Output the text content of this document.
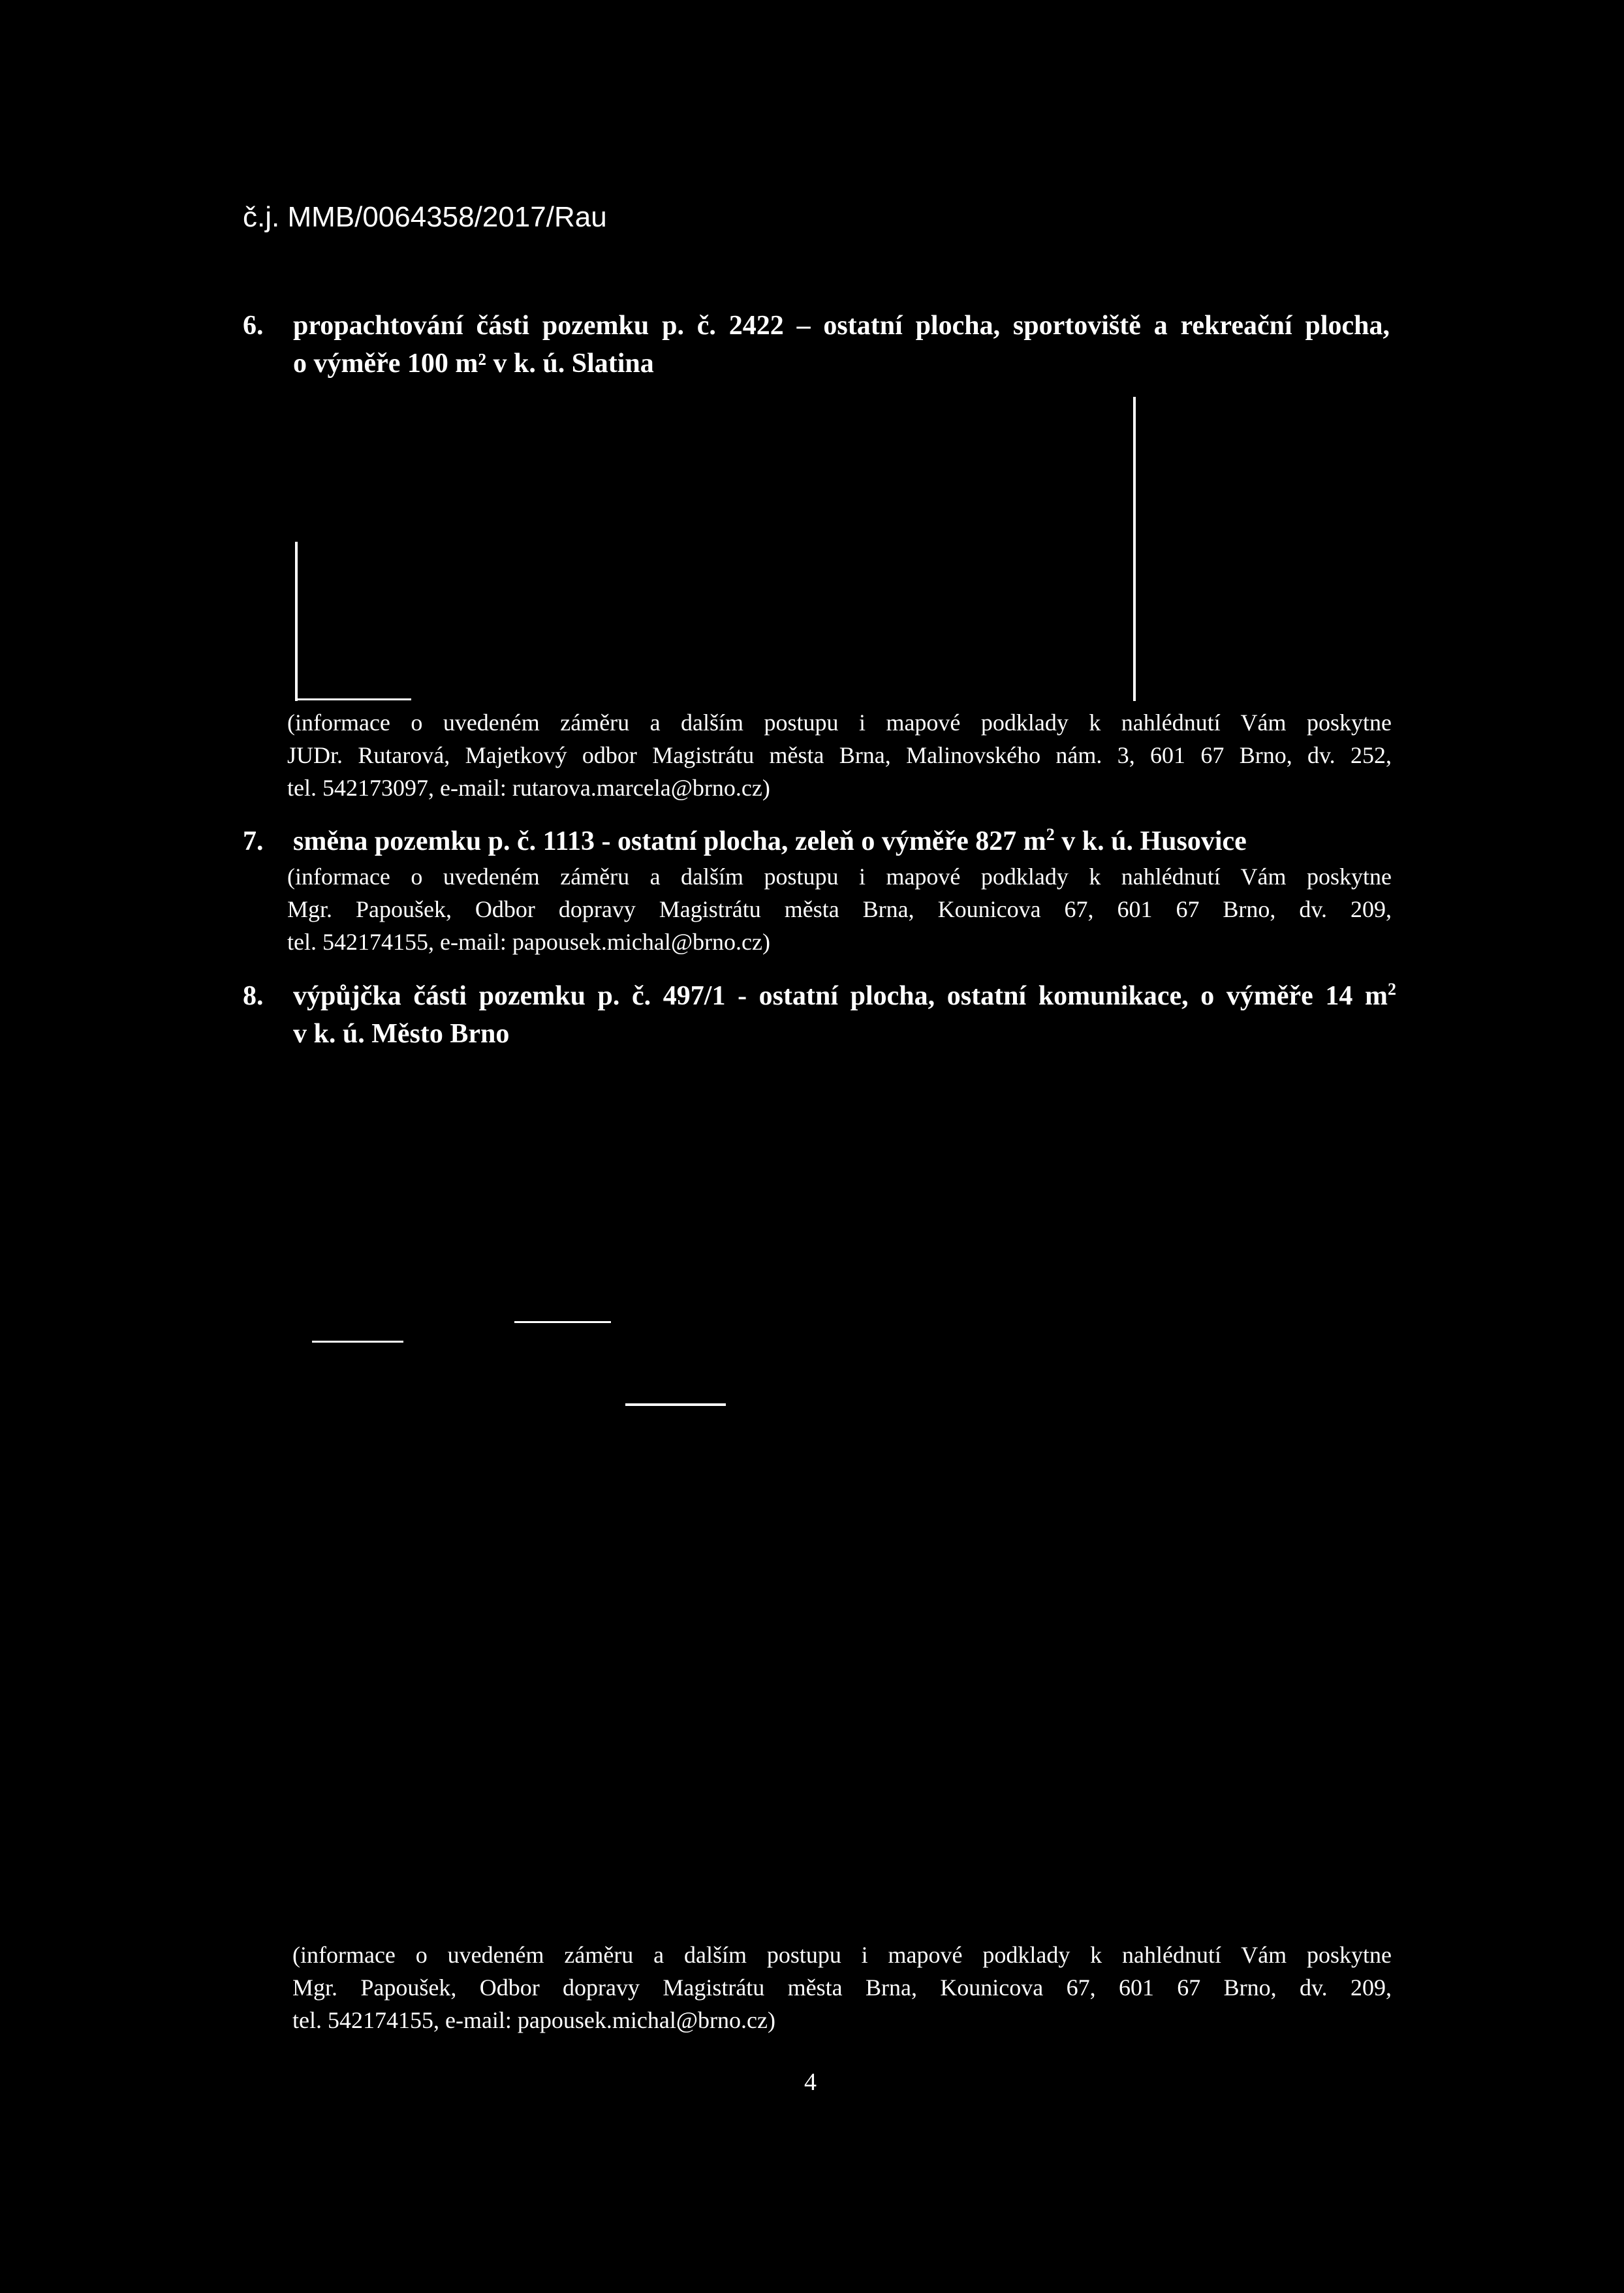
č.j. MMB/0064358/2017/Rau
6. propachtování části pozemku p. č. 2422 – ostatní plocha, sportoviště a rekreační plocha,
o výměře 100 m² v k. ú. Slatina
(informace o uvedeném záměru a dalším postupu i mapové podklady k nahlédnutí Vám poskytne
JUDr. Rutarová, Majetkový odbor Magistrátu města Brna, Malinovského nám. 3, 601 67 Brno, dv. 252,
tel. 542173097, e-mail: rutarova.marcela@brno.cz)
7. směna pozemku p. č. 1113 - ostatní plocha, zeleň o výměře 827 $m^2$ v k. ú. Husovice
(informace o uvedeném záměru a dalším postupu i mapové podklady k nahlédnutí Vám poskytne
Mgr. Papoušek, Odbor dopravy Magistrátu města Brna, Kounicova 67, 601 67 Brno, dv. 209,
tel. 542174155, e-mail: papousek.michal@brno.cz)
8. výpůjčka části pozemku p. č. 497/1 - ostatní plocha, ostatní komunikace, o výměře 14 $m^2$
v k. ú. Město Brno
(informace o uvedeném záměru a dalším postupu i mapové podklady k nahlédnutí Vám poskytne
Mgr. Papoušek, Odbor dopravy Magistrátu města Brna, Kounicova 67, 601 67 Brno, dv. 209,
tel. 542174155, e-mail: papousek.michal@brno.cz)
4
